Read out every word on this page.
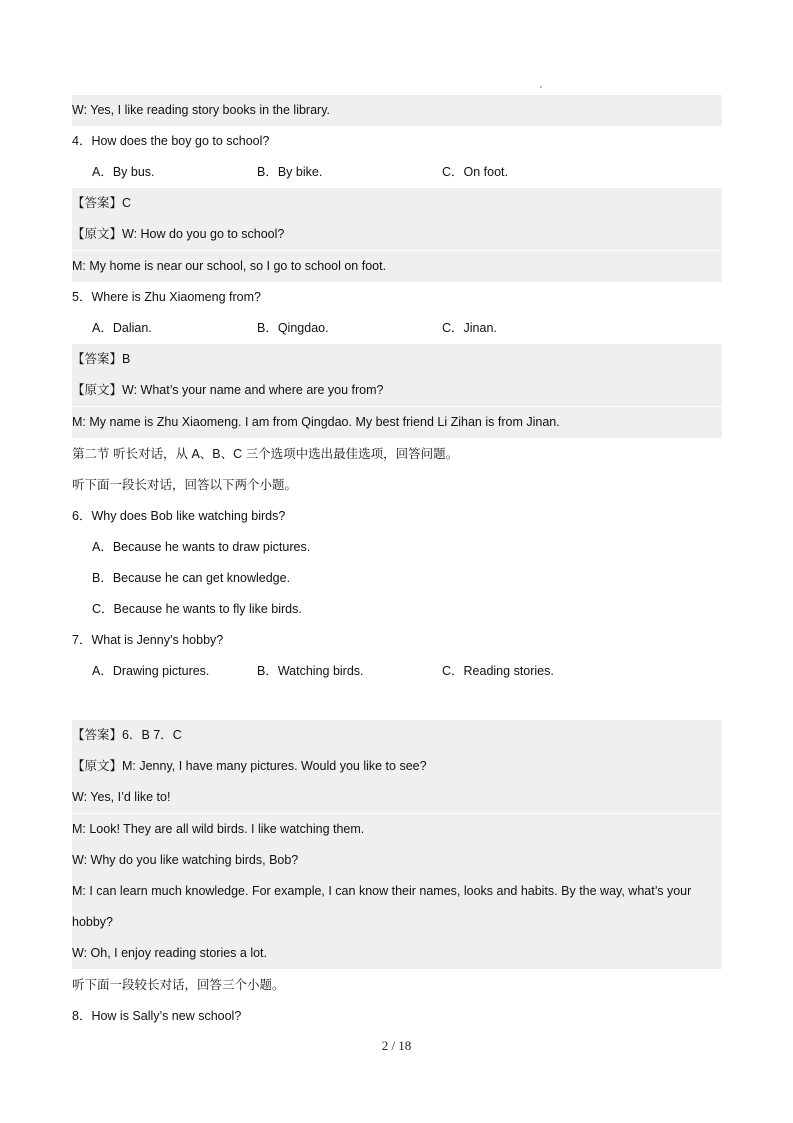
W: Yes, I like reading story books in the library.
4．How does the boy go to school?
A．By bus.	B．By bike.	C．On foot.
【答案】C
【原文】W: How do you go to school?
M: My home is near our school, so I go to school on foot.
5．Where is Zhu Xiaomeng from?
A．Dalian.	B．Qingdao.	C．Jinan.
【答案】B
【原文】W: What’s your name and where are you from?
M: My name is Zhu Xiaomeng. I am from Qingdao. My best friend Li Zihan is from Jinan.
第二节 听长对话，从 A、B、C 三个选项中选出最佳选项，回答问题。
听下面一段长对话，回答以下两个小题。
6．Why does Bob like watching birds?
A．Because he wants to draw pictures.
B．Because he can get knowledge.
C．Because he wants to fly like birds.
7．What is Jenny’s hobby?
A．Drawing pictures.	B．Watching birds.	C．Reading stories.
【答案】6．B 7．C
【原文】M: Jenny, I have many pictures. Would you like to see?
W: Yes, I’d like to!
M: Look! They are all wild birds. I like watching them.
W: Why do you like watching birds, Bob?
M: I can learn much knowledge. For example, I can know their names, looks and habits. By the way, what’s your
hobby?
W: Oh, I enjoy reading stories a lot.
听下面一段较长对话，回答三个小题。
8．How is Sally’s new school?
2 / 18
